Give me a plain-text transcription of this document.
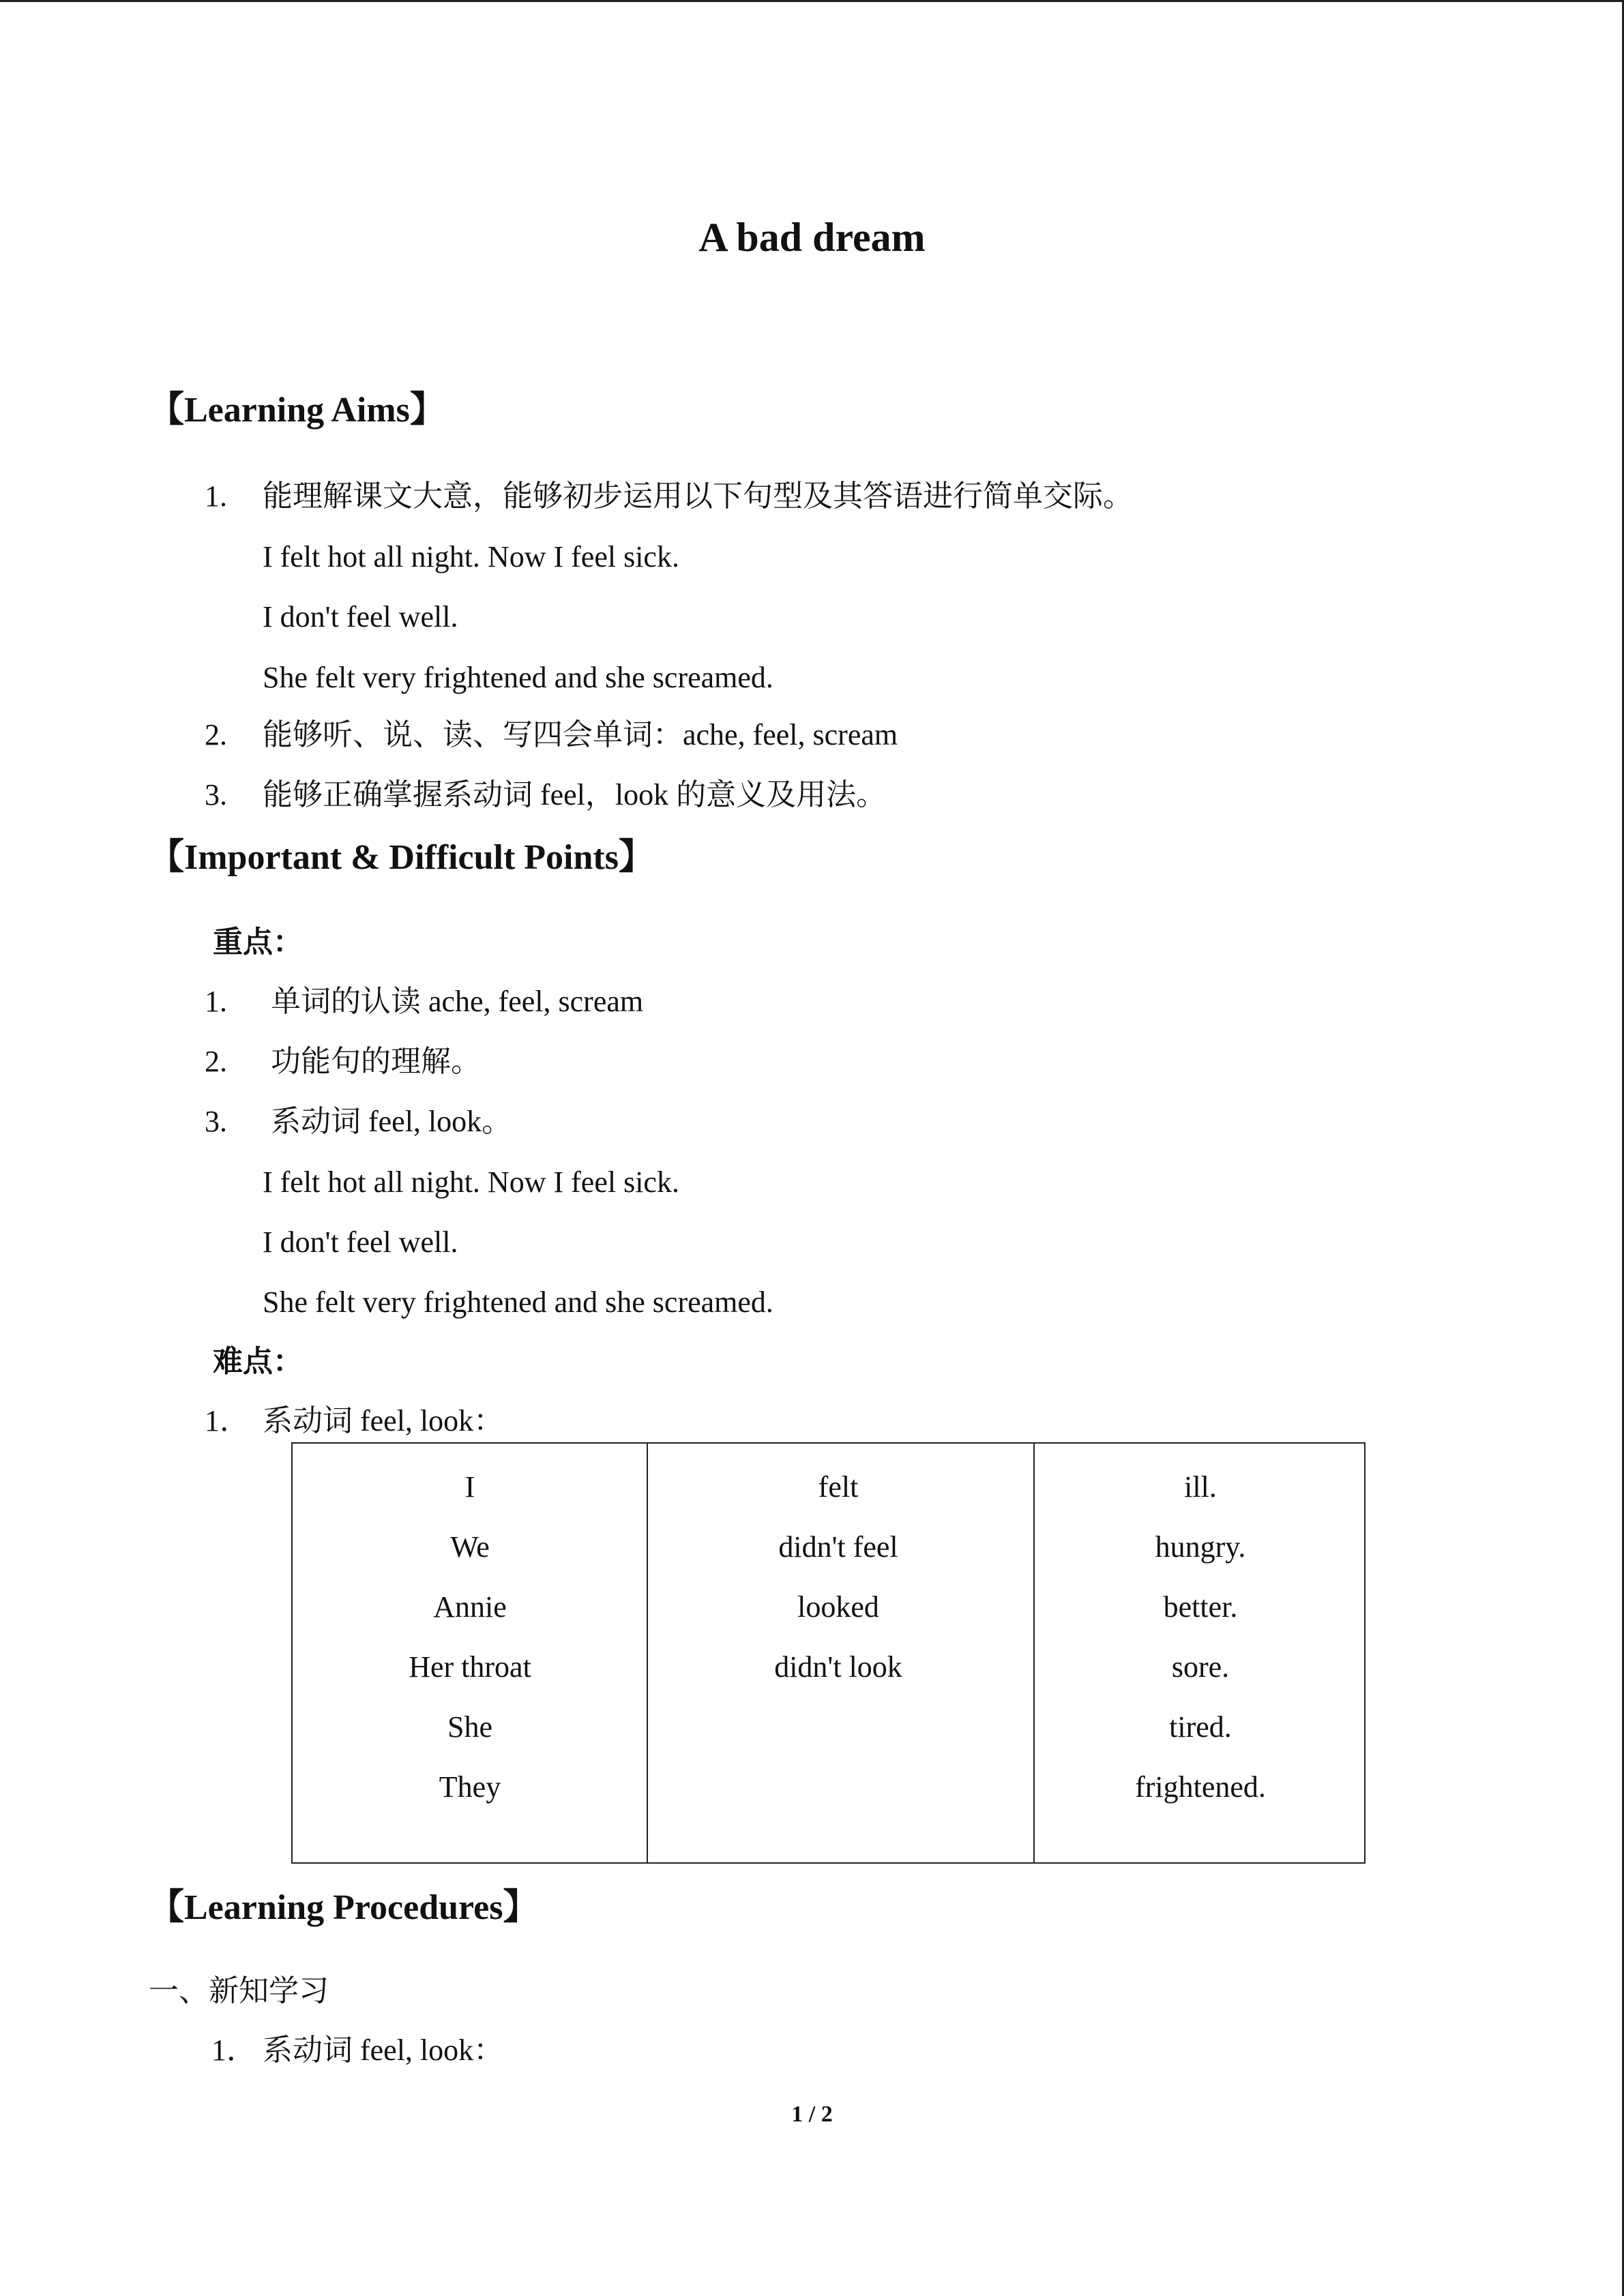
A bad dream
【Learning Aims】
1. 能理解课文大意，能够初步运用以下句型及其答语进行简单交际。
I felt hot all night. Now I feel sick.
I don't feel well.
She felt very frightened and she screamed.
2. 能够听、说、读、写四会单词：ache, feel, scream
3. 能够正确掌握系动词 feel，look 的意义及用法。
【Important & Difficult Points】
重点：
1. 单词的认读 ache, feel, scream
2. 功能句的理解。
3. 系动词 feel, look。
I felt hot all night. Now I feel sick.
I don't feel well.
She felt very frightened and she screamed.
难点：
1． 系动词 feel, look：
I
We
Annie
Her throat
She
They
felt
didn't feel
looked
didn't look
ill.
hungry.
better.
sore.
tired.
frightened.
【Learning Procedures】
一、新知学习
1． 系动词 feel, look：
1 / 2
